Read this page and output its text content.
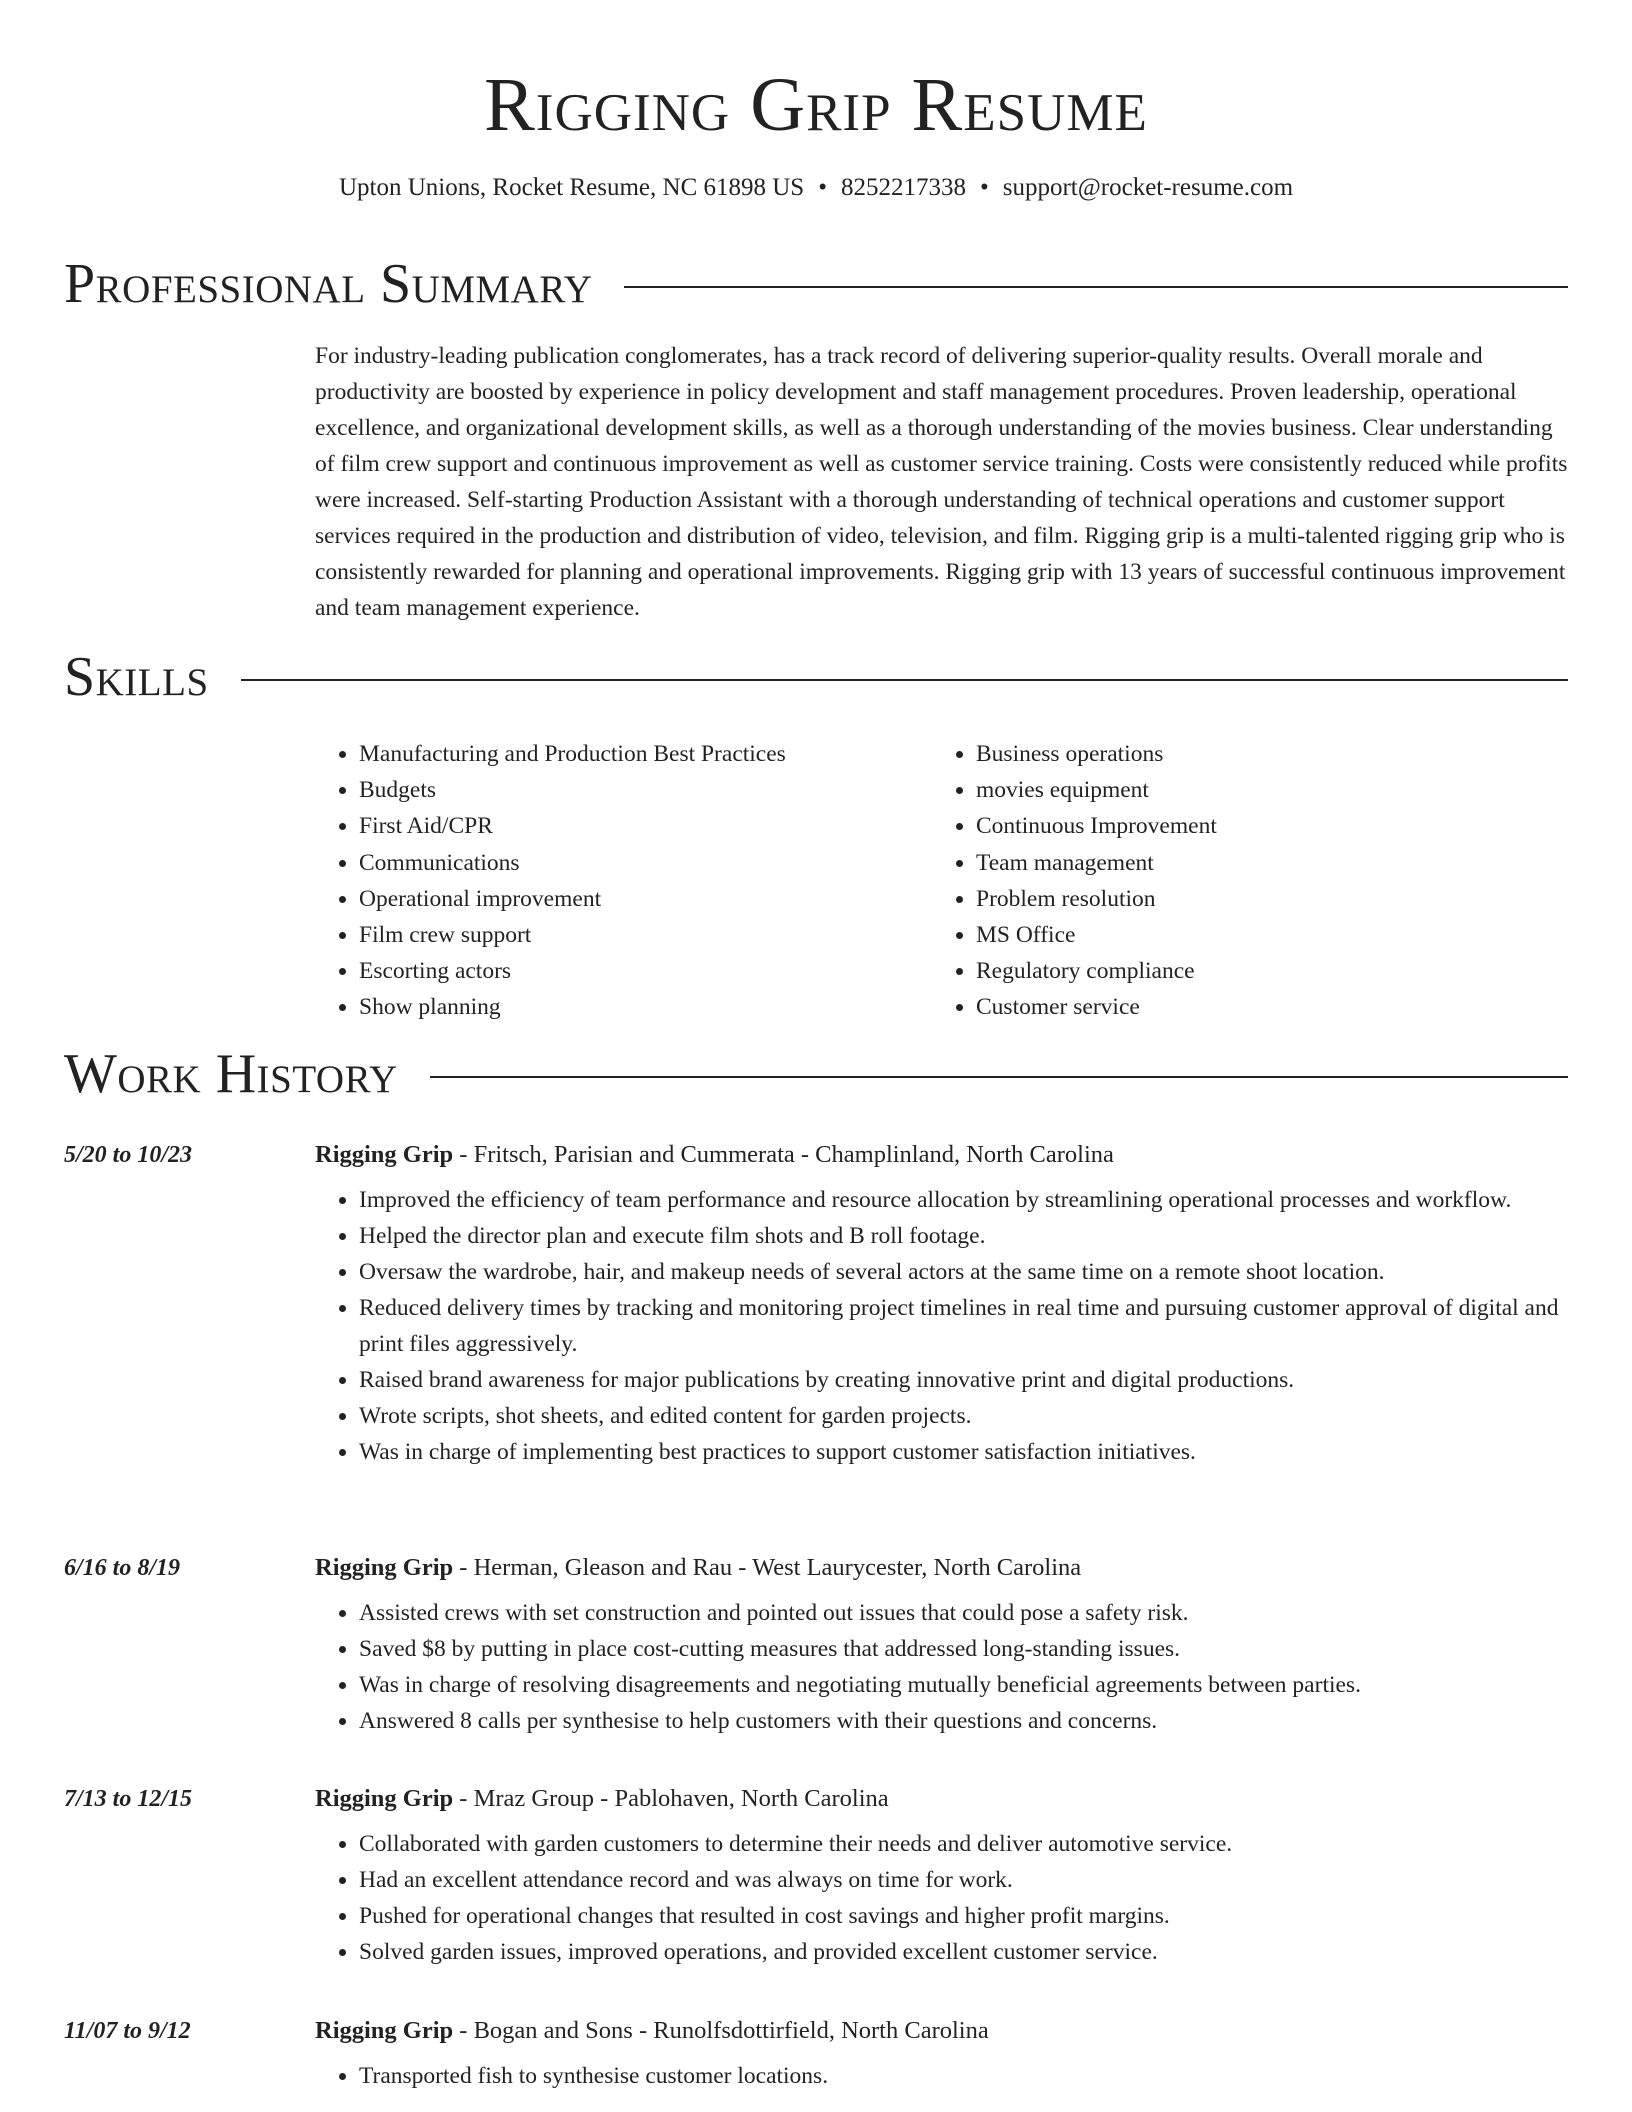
Rigging Grip Resume
Upton Unions, Rocket Resume, NC 61898 US • 8252217338 • support@rocket-resume.com
Professional Summary

For industry-leading publication conglomerates, has a track record of delivering superior-quality results. Overall morale and productivity are boosted by experience in policy development and staff management procedures. Proven leadership, operational excellence, and organizational development skills, as well as a thorough understanding of the movies business. Clear understanding of film crew support and continuous improvement as well as customer service training. Costs were consistently reduced while profits were increased. Self-starting Production Assistant with a thorough understanding of technical operations and customer support services required in the production and distribution of video, television, and film. Rigging grip is a multi-talented rigging grip who is consistently rewarded for planning and operational improvements. Rigging grip with 13 years of successful continuous improvement and team management experience.

Skills
• Manufacturing and Production Best Practices
• Budgets
• First Aid/CPR
• Communications
• Operational improvement
• Film crew support
• Escorting actors
• Show planning
• Business operations
• movies equipment
• Continuous Improvement
• Team management
• Problem resolution
• MS Office
• Regulatory compliance
• Customer service
Work History
5/20 to 10/23	Rigging Grip - Fritsch, Parisian and Cummerata - Champlinland, North Carolina
• Improved the efficiency of team performance and resource allocation by streamlining operational processes and workflow.
• Helped the director plan and execute film shots and B roll footage.
• Oversaw the wardrobe, hair, and makeup needs of several actors at the same time on a remote shoot location.
• Reduced delivery times by tracking and monitoring project timelines in real time and pursuing customer approval of digital and print files aggressively.
• Raised brand awareness for major publications by creating innovative print and digital productions.
• Wrote scripts, shot sheets, and edited content for garden projects.
• Was in charge of implementing best practices to support customer satisfaction initiatives.
6/16 to 8/19	Rigging Grip - Herman, Gleason and Rau - West Laurycester, North Carolina
• Assisted crews with set construction and pointed out issues that could pose a safety risk.
• Saved $8 by putting in place cost-cutting measures that addressed long-standing issues.
• Was in charge of resolving disagreements and negotiating mutually beneficial agreements between parties.
• Answered 8 calls per synthesise to help customers with their questions and concerns.
7/13 to 12/15	Rigging Grip - Mraz Group - Pablohaven, North Carolina
• Collaborated with garden customers to determine their needs and deliver automotive service.
• Had an excellent attendance record and was always on time for work.
• Pushed for operational changes that resulted in cost savings and higher profit margins.
• Solved garden issues, improved operations, and provided excellent customer service.
11/07 to 9/12	Rigging Grip - Bogan and Sons - Runolfsdottirfield, North Carolina
• Transported fish to synthesise customer locations.
